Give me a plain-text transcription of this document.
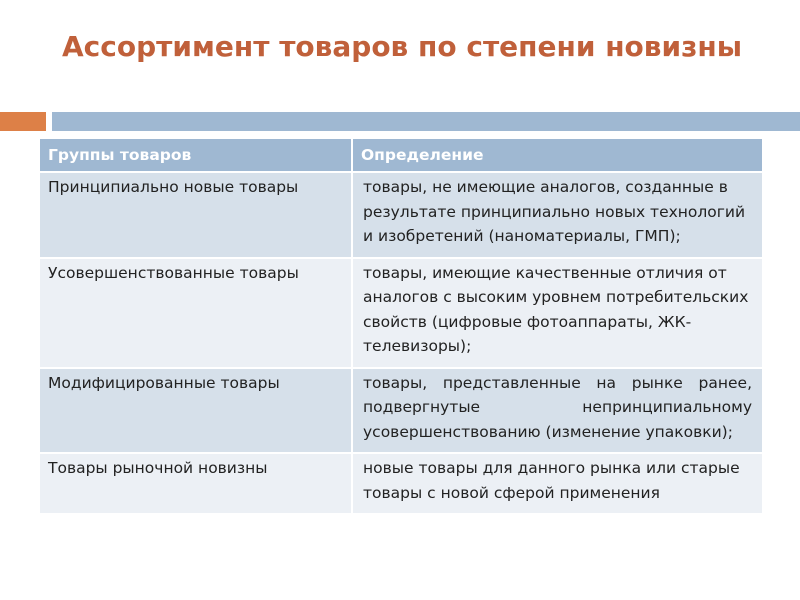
Ассортимент товаров по степени новизны
Группы товаров	Определение
Принципиально новые товары	товары, не имеющие аналогов, созданные в результате принципиально новых технологий и изобретений (наноматериалы, ГМП);
Усовершенствованные товары	товары, имеющие качественные отличия от аналогов с высоким уровнем потребительских свойств (цифровые фотоаппараты, ЖК-телевизоры);
Модифицированные товары	товары, представленные на рынке ранее, подвергнутые непринципиальному усовершенствованию (изменение упаковки);
Товары рыночной новизны	новые товары для данного рынка или старые товары с новой сферой применения
